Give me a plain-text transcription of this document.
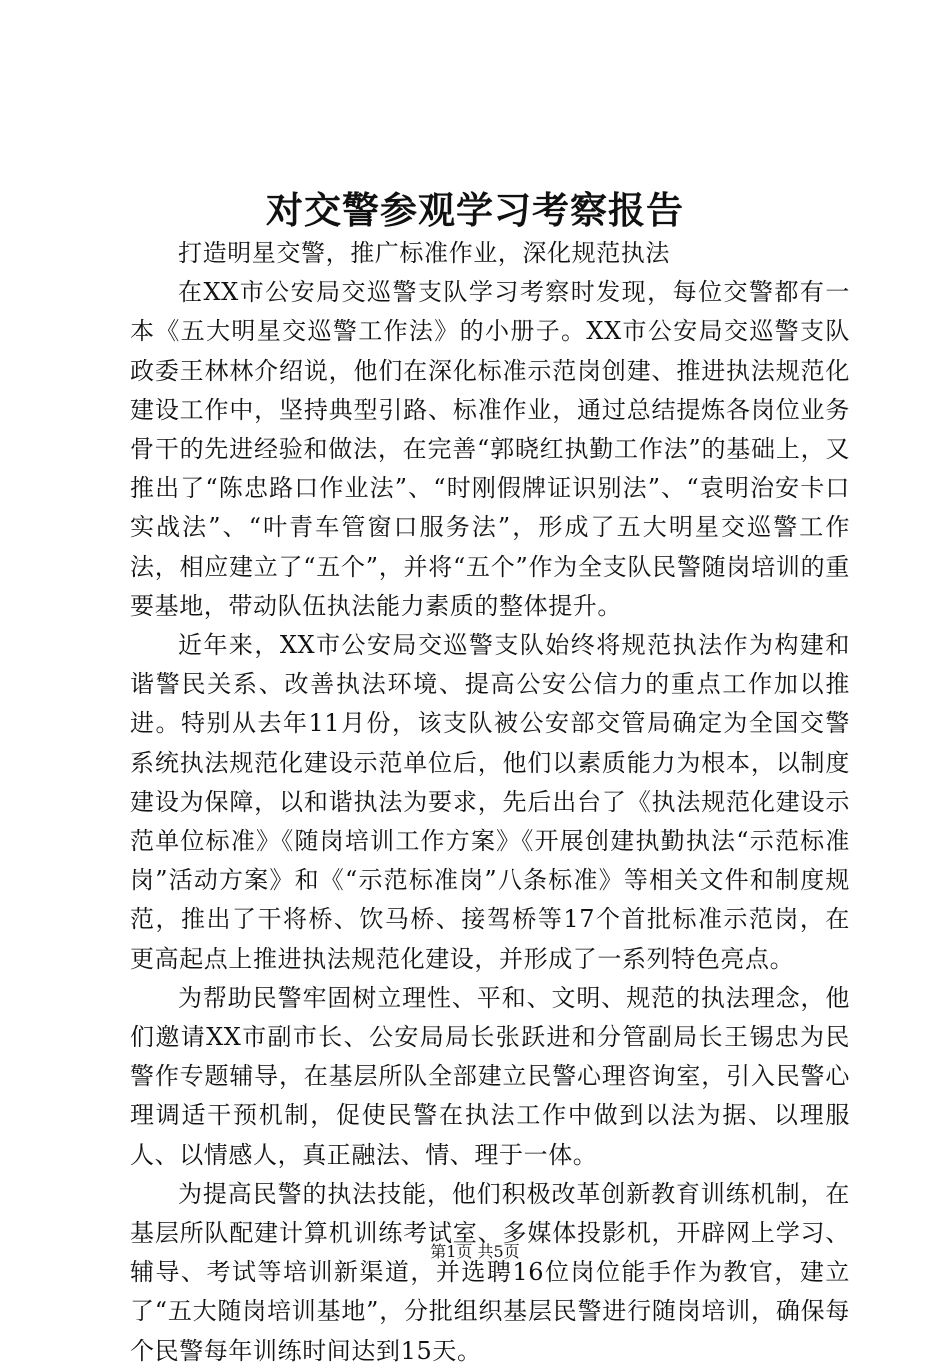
对交警参观学习考察报告

打造明星交警，推广标准作业，深化规范执法

在XX市公安局交巡警支队学习考察时发现，每位交警都有一本《五大明星交巡警工作法》的小册子。XX市公安局交巡警支队政委王林林介绍说，他们在深化标准示范岗创建、推进执法规范化建设工作中，坚持典型引路、标准作业，通过总结提炼各岗位业务骨干的先进经验和做法，在完善“郭晓红执勤工作法”的基础上，又推出了“陈忠路口作业法”、“时刚假牌证识别法”、“袁明治安卡口实战法”、“叶青车管窗口服务法”，形成了五大明星交巡警工作法，相应建立了“五个”，并将“五个”作为全支队民警随岗培训的重要基地，带动队伍执法能力素质的整体提升。

近年来，XX市公安局交巡警支队始终将规范执法作为构建和谐警民关系、改善执法环境、提高公安公信力的重点工作加以推进。特别从去年11月份，该支队被公安部交管局确定为全国交警系统执法规范化建设示范单位后，他们以素质能力为根本，以制度建设为保障，以和谐执法为要求，先后出台了《执法规范化建设示范单位标准》《随岗培训工作方案》《开展创建执勤执法“示范标准岗”活动方案》和《“示范标准岗”八条标准》等相关文件和制度规范，推出了干将桥、饮马桥、接驾桥等17个首批标准示范岗，在更高起点上推进执法规范化建设，并形成了一系列特色亮点。

为帮助民警牢固树立理性、平和、文明、规范的执法理念，他们邀请XX市副市长、公安局局长张跃进和分管副局长王锡忠为民警作专题辅导，在基层所队全部建立民警心理咨询室，引入民警心理调适干预机制，促使民警在执法工作中做到以法为据、以理服人、以情感人，真正融法、情、理于一体。

为提高民警的执法技能，他们积极改革创新教育训练机制，在基层所队配建计算机训练考试室、多媒体投影机，开辟网上学习、辅导、考试等培训新渠道，并选聘16位岗位能手作为教官，建立了“五大随岗培训基地”，分批组织基层民警进行随岗培训，确保每个民警每年训练时间达到15天。

第1页 共5页
